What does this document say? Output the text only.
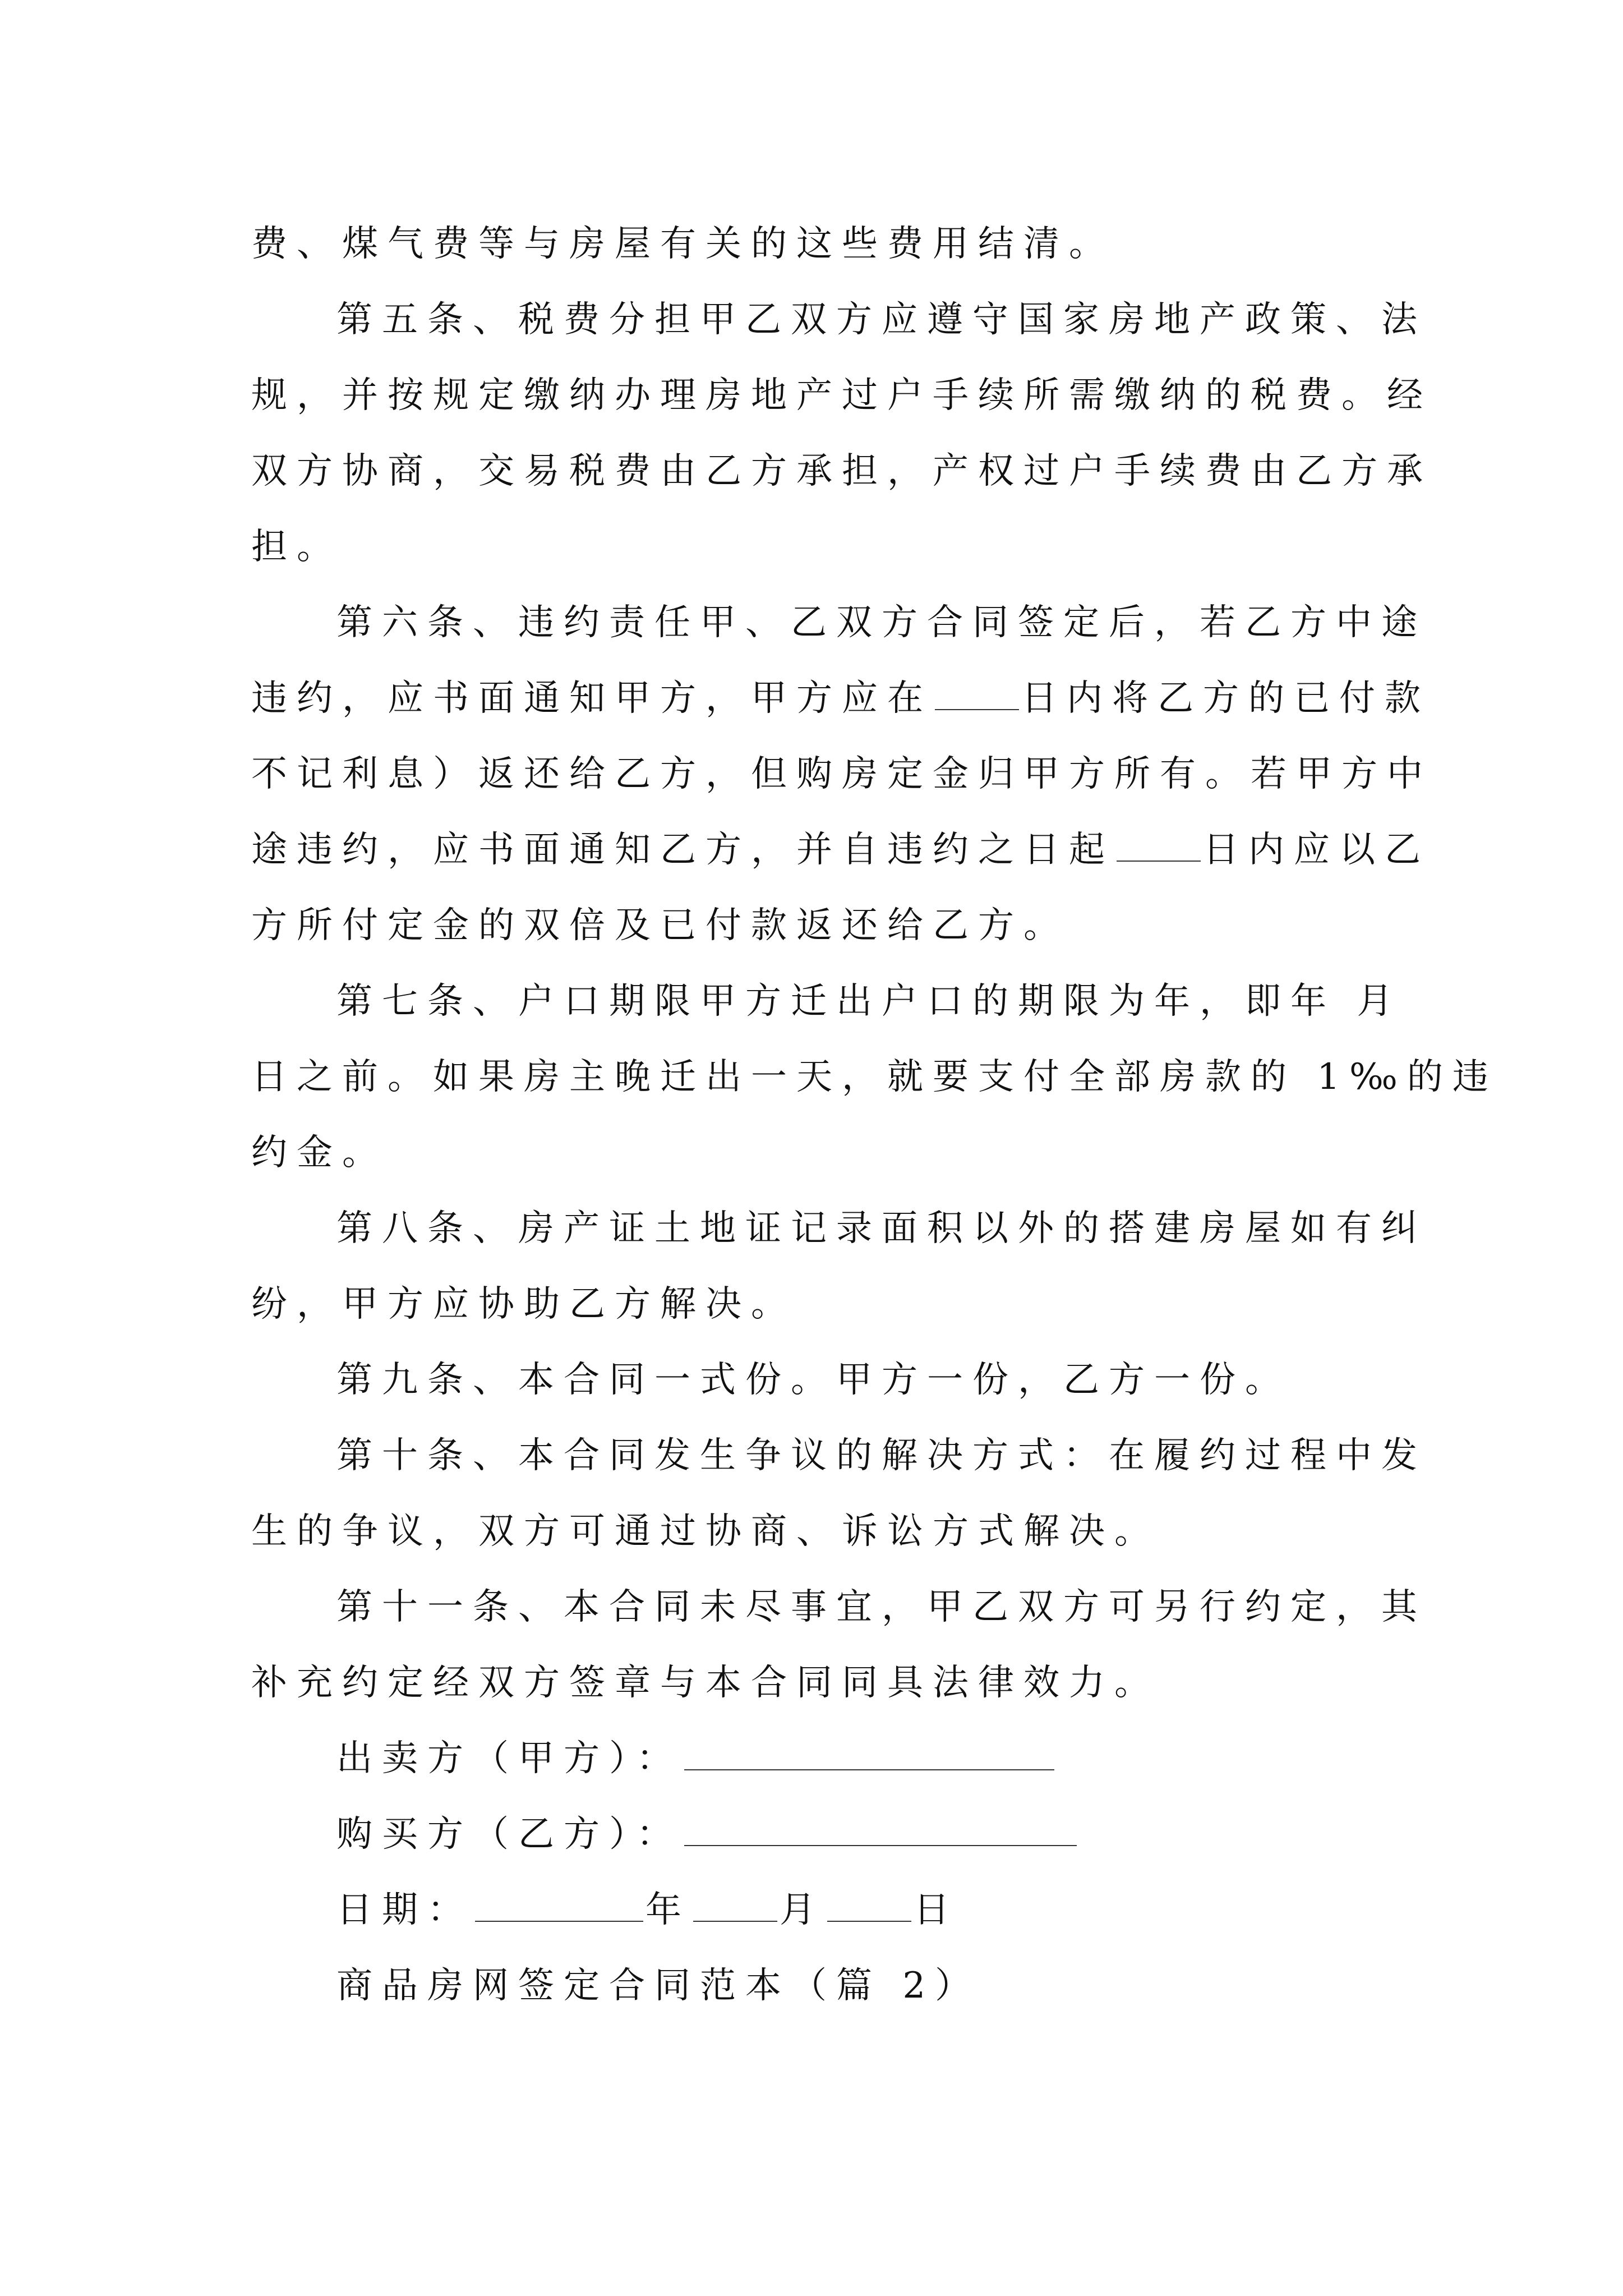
费、煤气费等与房屋有关的这些费用结清。
第五条、税费分担甲乙双方应遵守国家房地产政策、法
规，并按规定缴纳办理房地产过户手续所需缴纳的税费。经
双方协商，交易税费由乙方承担，产权过户手续费由乙方承
担。
第六条、违约责任甲、乙双方合同签定后，若乙方中途
违约，应书面通知甲方，甲方应在 日内将乙方的已付款
不记利息）返还给乙方，但购房定金归甲方所有。若甲方中
途违约，应书面通知乙方，并自违约之日起 日内应以乙
方所付定金的双倍及已付款返还给乙方。
第七条、户口期限甲方迁出户口的期限为年，即年 月
日之前。如果房主晚迁出一天，就要支付全部房款的 1‰的违
约金。
第八条、房产证土地证记录面积以外的搭建房屋如有纠
纷，甲方应协助乙方解决。
第九条、本合同一式份。甲方一份，乙方一份。
第十条、本合同发生争议的解决方式：在履约过程中发
生的争议，双方可通过协商、诉讼方式解决。
第十一条、本合同未尽事宜，甲乙双方可另行约定，其
补充约定经双方签章与本合同同具法律效力。
出卖方（甲方）：
购买方（乙方）：
日期：	年 月 日
商品房网签定合同范本（篇 2）
